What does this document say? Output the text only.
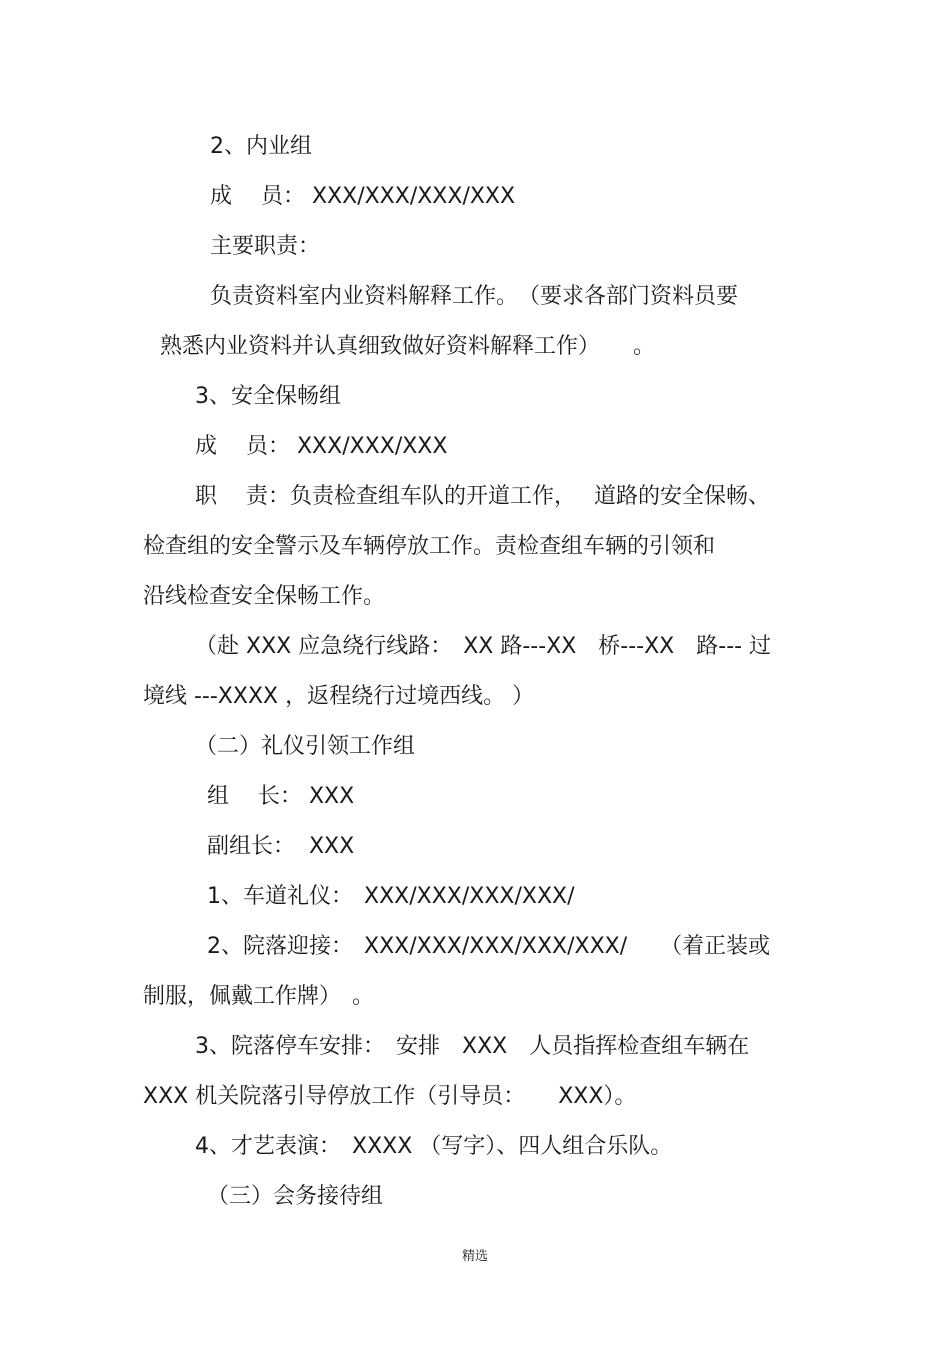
2、内业组
成　 员： XXX/XXX/XXX/XXX
主要职责：
负责资料室内业资料解释工作。　（要求各部门资料员要
熟悉内业资料并认真细致做好资料解释工作）　　。
3、安全保畅组
成　 员： XXX/XXX/XXX
职　 责：负责检查组车队的开道工作，　 道路的安全保畅、
检查组的安全警示及车辆停放工作。责检查组车辆的引领和
沿线检查安全保畅工作。
（赴 XXX 应急绕行线路：　XX 路---XX　桥---XX　路--- 过
境线 ---XXXX ，返程绕行过境西线。 ）
（二）礼仪引领工作组
组　 长： XXX
副组长：  XXX
1、车道礼仪：　XXX/XXX/XXX/XXX/
2、院落迎接：　XXX/XXX/XXX/XXX/XXX/　　（着正装或
制服，佩戴工作牌）　。
3、院落停车安排：　安排　XXX　人员指挥检查组车辆在
XXX 机关院落引导停放工作（引导员：　　XXX）。
4、才艺表演：　XXXX （写字）、四人组合乐队。
（三）会务接待组
精选
